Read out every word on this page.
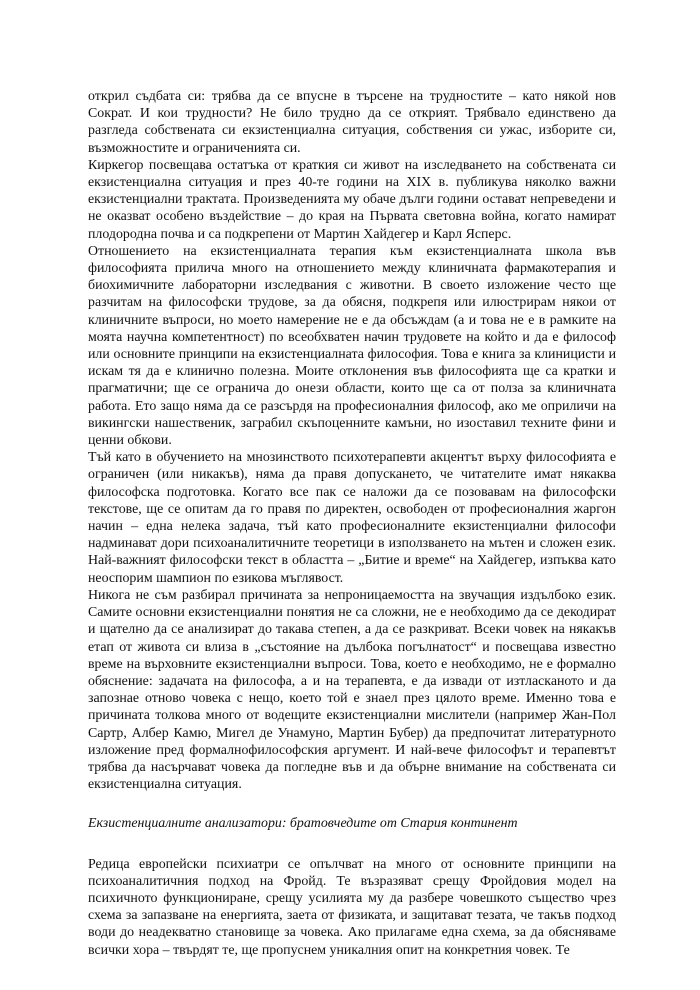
открил съдбата си: трябва да се впусне в търсене на трудностите – като някой нов Сократ. И кои трудности? Не било трудно да се открият. Трябвало единствено да разгледа собствената си екзистенциална ситуация, собствения си ужас, изборите си, възможностите и ограниченията си.

Киркегор посвещава остатъка от краткия си живот на изследването на собствената си екзистенциална ситуация и през 40-те години на XIX в. публикува няколко важни екзистенциални трактата. Произведенията му обаче дълги години остават непреведени и не оказват особено въздействие – до края на Първата световна война, когато намират плодородна почва и са подкрепени от Мартин Хайдегер и Карл Ясперс.

Отношението на екзистенциалната терапия към екзистенциалната школа във философията прилича много на отношението между клиничната фармакотерапия и биохимичните лабораторни изследвания с животни. В своето изложение често ще разчитам на философски трудове, за да обясня, подкрепя или илюстрирам някои от клиничните въпроси, но моето намерение не е да обсъждам (а и това не е в рамките на моята научна компетентност) по всеобхватен начин трудовете на който и да е философ или основните принципи на екзистенциалната философия. Това е книга за клиницисти и искам тя да е клинично полезна. Моите отклонения във философията ще са кратки и прагматични; ще се огранича до онези области, които ще са от полза за клиничната работа. Ето защо няма да се разсърдя на професионалния философ, ако ме оприличи на викингски нашественик, заграбил скъпоценните камъни, но изоставил техните фини и ценни обкови.

Тъй като в обучението на мнозинството психотерапевти акцентът върху философията е ограничен (или никакъв), няма да правя допускането, че читателите имат някаква философска подготовка. Когато все пак се наложи да се позовавам на философски текстове, ще се опитам да го правя по директен, освободен от професионалния жаргон начин – една нелека задача, тъй като професионалните екзистенциални философи надминават дори психоаналитичните теоретици в използването на мътен и сложен език. Най-важният философски текст в областта – „Битие и време“ на Хайдегер, изпъква като неоспорим шампион по езикова мъглявост.

Никога не съм разбирал причината за непроницаемостта на звучащия издълбоко език. Самите основни екзистенциални понятия не са сложни, не е необходимо да се декодират и щателно да се анализират до такава степен, а да се разкриват. Всеки човек на някакъв етап от живота си влиза в „състояние на дълбока погълнатост“ и посвещава известно време на върховните екзистенциални въпроси. Това, което е необходимо, не е формално обяснение: задачата на философа, а и на терапевта, е да извади от изтласканото и да запознае отново човека с нещо, което той е знаел през цялото време. Именно това е причината толкова много от водещите екзистенциални мислители (например Жан-Пол Сартр, Албер Камю, Мигел де Унамуно, Мартин Бубер) да предпочитат литературното изложение пред формалнофилософския аргумент. И най-вече философът и терапевтът трябва да насърчават човека да погледне във и да обърне внимание на собствената си екзистенциална ситуация.

Екзистенциалните анализатори: братовчедите от Стария континент

Редица европейски психиатри се опълчват на много от основните принципи на психоаналитичния подход на Фройд. Те възразяват срещу Фройдовия модел на психичното функциониране, срещу усилията му да разбере човешкото същество чрез схема за запазване на енергията, заета от физиката, и защитават тезата, че такъв подход води до неадекватно становище за човека. Ако прилагаме една схема, за да обясняваме всички хора – твърдят те, ще пропуснем уникалния опит на конкретния човек. Те
